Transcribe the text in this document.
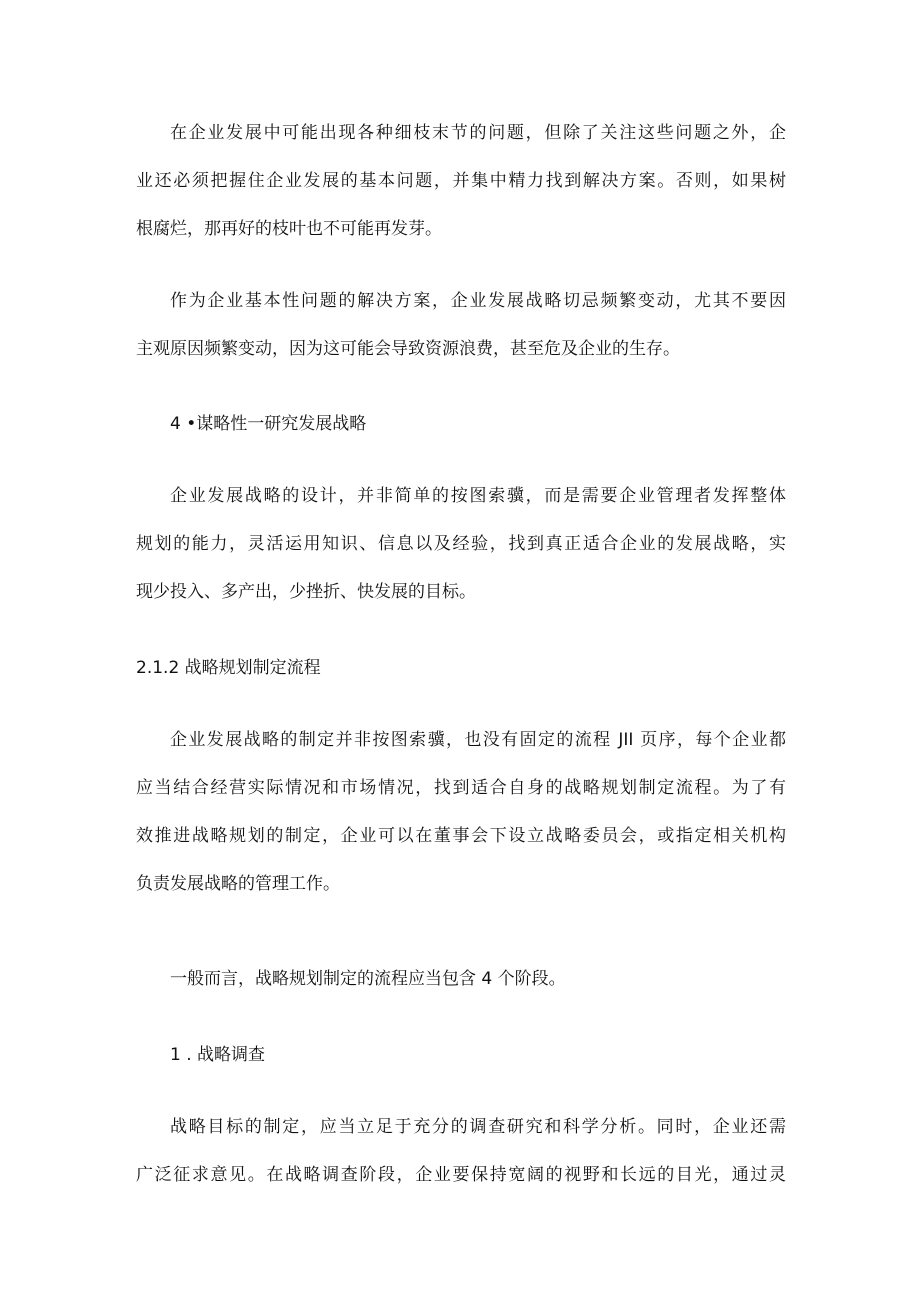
在企业发展中可能出现各种细枝末节的问题，但除了关注这些问题之外，企
业还必须把握住企业发展的基本问题，并集中精力找到解决方案。否则，如果树
根腐烂，那再好的枝叶也不可能再发芽。
作为企业基本性问题的解决方案，企业发展战略切忌频繁变动，尤其不要因
主观原因频繁变动，因为这可能会导致资源浪费，甚至危及企业的生存。
4 •谋略性一研究发展战略
企业发展战略的设计，并非简单的按图索骥，而是需要企业管理者发挥整体
规划的能力，灵活运用知识、信息以及经验，找到真正适合企业的发展战略，实
现少投入、多产出，少挫折、快发展的目标。
2.1.2 战略规划制定流程
企业发展战略的制定并非按图索骥，也没有固定的流程 JII 页序，每个企业都
应当结合经营实际情况和市场情况，找到适合自身的战略规划制定流程。为了有
效推进战略规划的制定，企业可以在董事会下设立战略委员会，或指定相关机构
负责发展战略的管理工作。
一般而言，战略规划制定的流程应当包含 4 个阶段。
1 . 战略调查
战略目标的制定，应当立足于充分的调查研究和科学分析。同时，企业还需
广泛征求意见。在战略调查阶段，企业要保持宽阔的视野和长远的目光，通过灵
